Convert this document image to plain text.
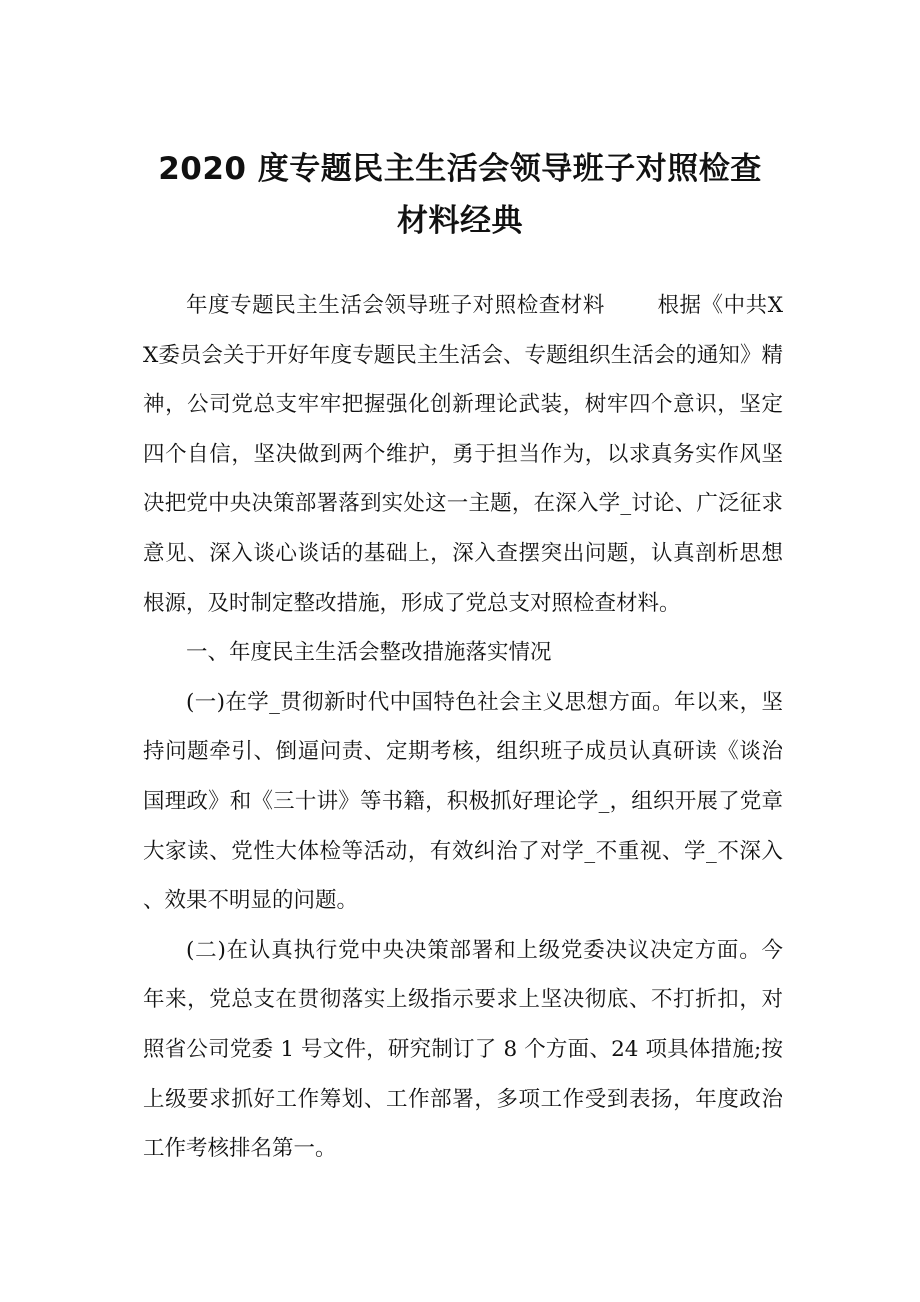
2020 度专题民主生活会领导班子对照检查
材料经典

年度专题民主生活会领导班子对照检查材料 根据《中共XX委员会关于开好年度专题民主生活会、专题组织生活会的通知》精神，公司党总支牢牢把握强化创新理论武装，树牢四个意识，坚定四个自信，坚决做到两个维护，勇于担当作为，以求真务实作风坚决把党中央决策部署落到实处这一主题，在深入学_讨论、广泛征求意见、深入谈心谈话的基础上，深入查摆突出问题，认真剖析思想根源，及时制定整改措施，形成了党总支对照检查材料。

一、年度民主生活会整改措施落实情况

(一)在学_贯彻新时代中国特色社会主义思想方面。年以来，坚持问题牵引、倒逼问责、定期考核，组织班子成员认真研读《谈治国理政》和《三十讲》等书籍，积极抓好理论学_，组织开展了党章大家读、党性大体检等活动，有效纠治了对学_不重视、学_不深入、效果不明显的问题。

(二)在认真执行党中央决策部署和上级党委决议决定方面。今年来，党总支在贯彻落实上级指示要求上坚决彻底、不打折扣，对照省公司党委 1 号文件，研究制订了 8 个方面、24 项具体措施;按上级要求抓好工作筹划、工作部署，多项工作受到表扬，年度政治工作考核排名第一。
